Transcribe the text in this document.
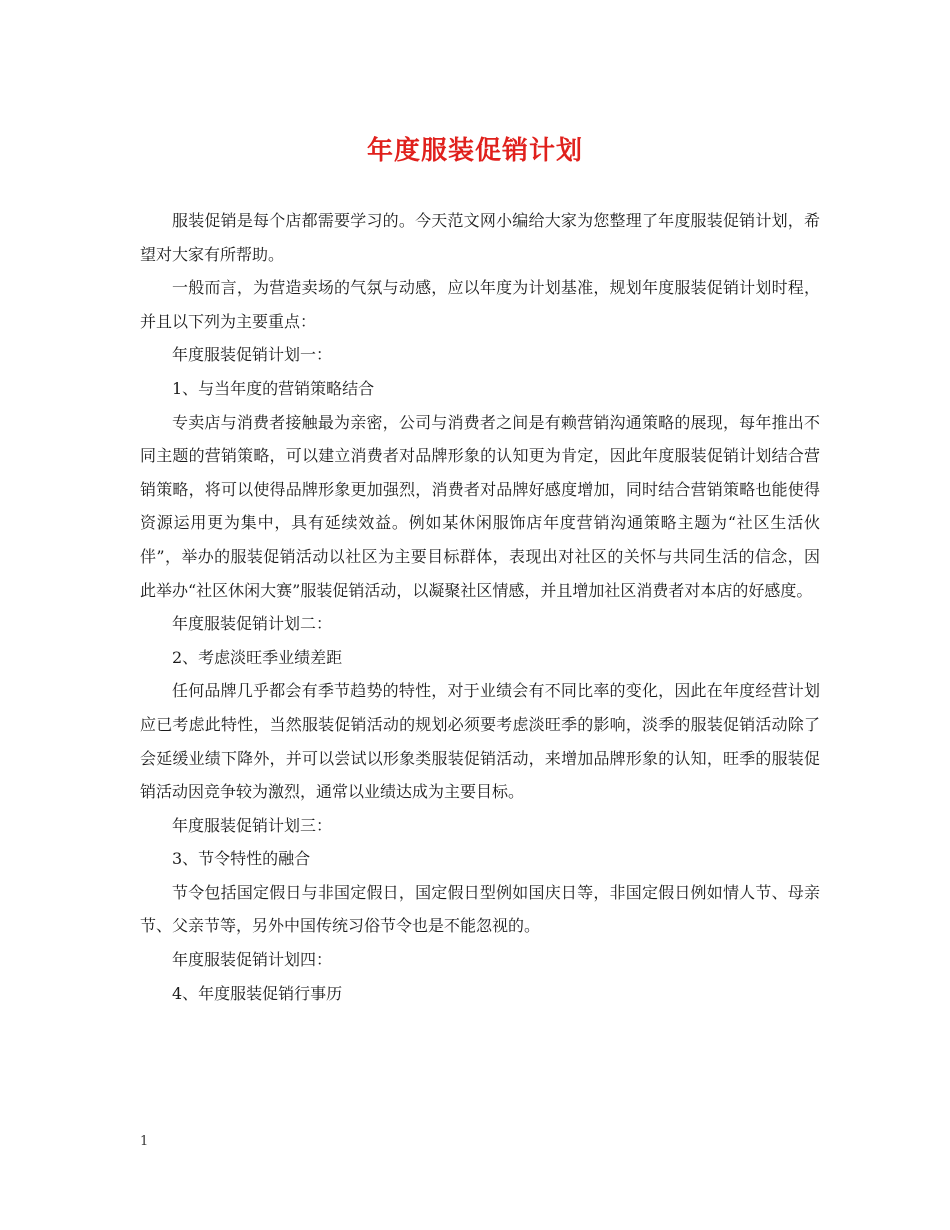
年度服装促销计划

服装促销是每个店都需要学习的。今天范文网小编给大家为您整理了年度服装促销计划，希望对大家有所帮助。

一般而言，为营造卖场的气氛与动感，应以年度为计划基准，规划年度服装促销计划时程，并且以下列为主要重点：

年度服装促销计划一：

1、与当年度的营销策略结合

专卖店与消费者接触最为亲密，公司与消费者之间是有赖营销沟通策略的展现，每年推出不同主题的营销策略，可以建立消费者对品牌形象的认知更为肯定，因此年度服装促销计划结合营销策略，将可以使得品牌形象更加强烈，消费者对品牌好感度增加，同时结合营销策略也能使得资源运用更为集中，具有延续效益。例如某休闲服饰店年度营销沟通策略主题为“社区生活伙伴”，举办的服装促销活动以社区为主要目标群体，表现出对社区的关怀与共同生活的信念，因此举办“社区休闲大赛”服装促销活动，以凝聚社区情感，并且增加社区消费者对本店的好感度。

年度服装促销计划二：

2、考虑淡旺季业绩差距

任何品牌几乎都会有季节趋势的特性，对于业绩会有不同比率的变化，因此在年度经营计划应已考虑此特性，当然服装促销活动的规划必须要考虑淡旺季的影响，淡季的服装促销活动除了会延缓业绩下降外，并可以尝试以形象类服装促销活动，来增加品牌形象的认知，旺季的服装促销活动因竞争较为激烈，通常以业绩达成为主要目标。

年度服装促销计划三：

3、节令特性的融合

节令包括国定假日与非国定假日，国定假日型例如国庆日等，非国定假日例如情人节、母亲节、父亲节等，另外中国传统习俗节令也是不能忽视的。

年度服装促销计划四：

4、年度服装促销行事历

1
